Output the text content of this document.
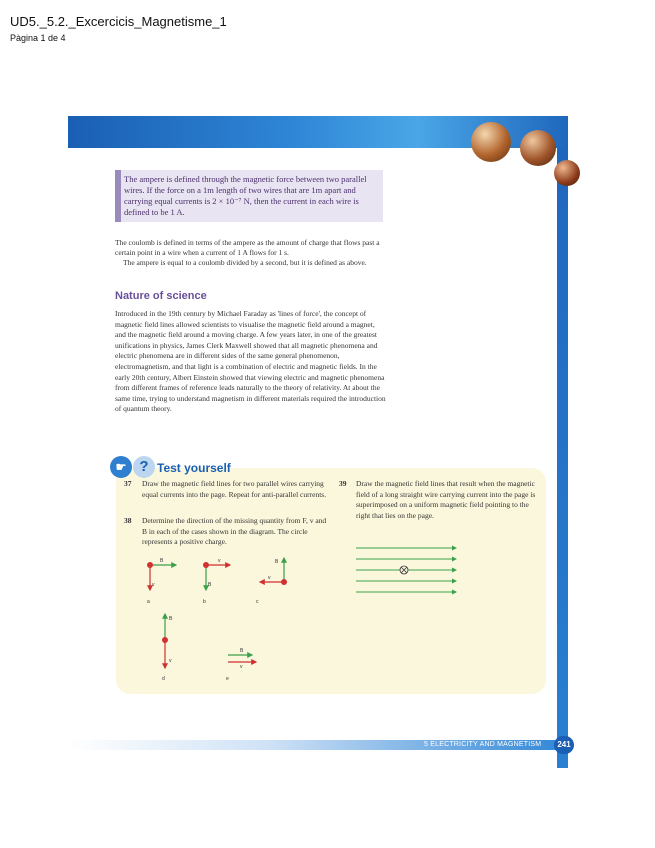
UD5._5.2._Excercicis_Magnetisme_1
Pàgina 1 de 4
The ampere is defined through the magnetic force between two parallel wires. If the force on a 1m length of two wires that are 1m apart and carrying equal currents is 2 × 10⁻⁷ N, then the current in each wire is defined to be 1 A.

The coulomb is defined in terms of the ampere as the amount of charge that flows past a certain point in a wire when a current of 1 A flows for 1 s.

The ampere is equal to a coulomb divided by a second, but it is defined as above.

Nature of science
Introduced in the 19th century by Michael Faraday as 'lines of force', the concept of magnetic field lines allowed scientists to visualise the magnetic field around a magnet, and the magnetic field around a moving charge. A few years later, in one of the greatest unifications in physics, James Clerk Maxwell showed that all magnetic phenomena and electric phenomena are in different sides of the same general phenomenon, electromagnetism, and that light is a combination of electric and magnetic fields. In the early 20th century, Albert Einstein showed that viewing electric and magnetic phenomena from different frames of reference leads naturally to the theory of relativity. At about the same time, trying to understand magnetism in different materials required the introduction of quantum theory.
☛ ? Test yourself
37 Draw the magnetic field lines for two parallel wires carrying equal currents into the page. Repeat for anti-parallel currents.
38 Determine the direction of the missing quantity from F, v and B in each of the cases shown in the diagram. The circle represents a positive charge.
39 Draw the magnetic field lines that result when the magnetic field of a long straight wire carrying current into the page is superimposed on a uniform magnetic field pointing to the right that lies on the page.
B
v
a
v
B
b
B
v
c
B
v
d
B
v
e
5 ELECTRICITY AND MAGNETISM	241
